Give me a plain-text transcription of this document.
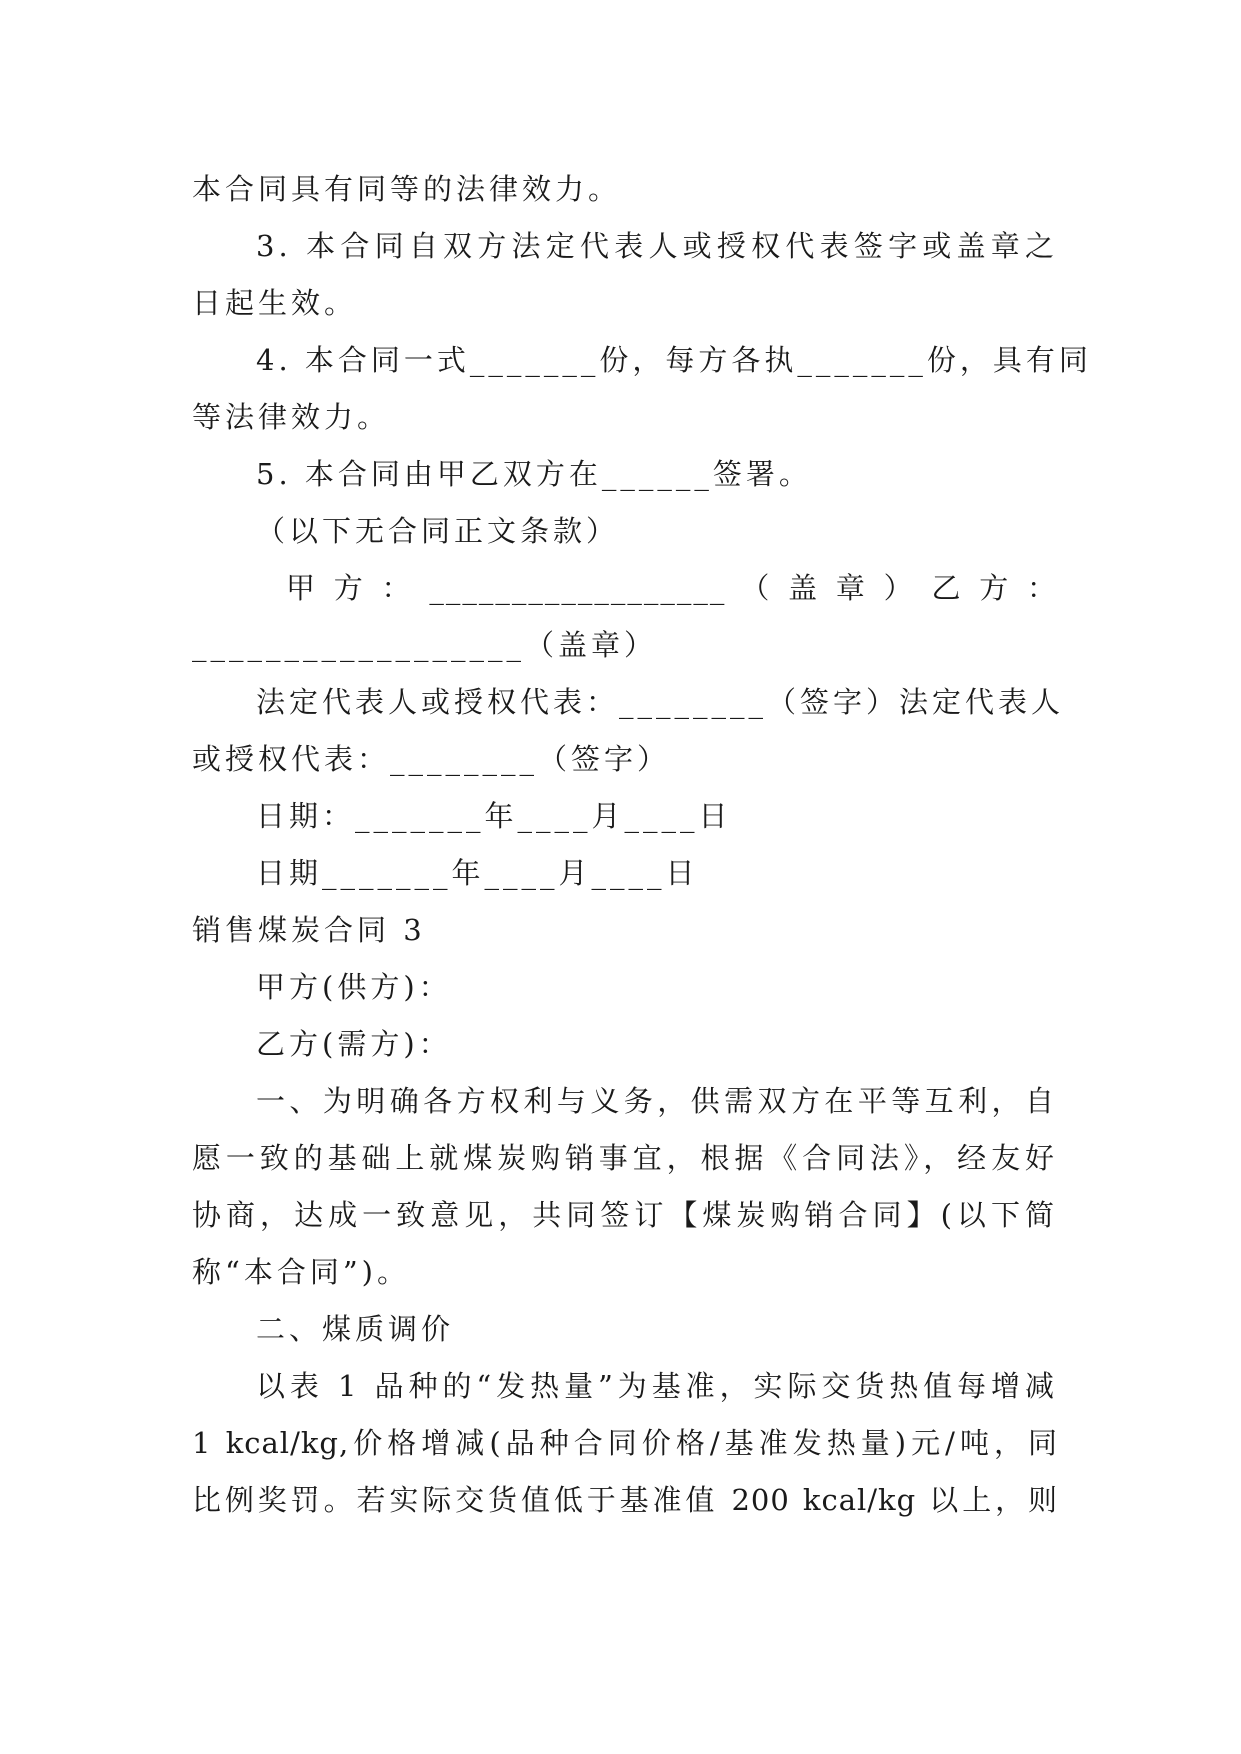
本合同具有同等的法律效力。
3. 本合同自双方法定代表人或授权代表签字或盖章之
日起生效。
4. 本合同一式_______份，每方各执_______份，具有同
等法律效力。
5. 本合同由甲乙双方在______签署。
（以下无合同正文条款）
甲 方 ： __________________ （ 盖 章 ） 乙 方 ：
__________________（盖章）
法定代表人或授权代表：________（签字）法定代表人
或授权代表：________（签字）
日期：_______年____月____日
日期_______年____月____日
销售煤炭合同 3
甲方(供方)：
乙方(需方)：
一、为明确各方权利与义务，供需双方在平等互利，自
愿一致的基础上就煤炭购销事宜，根据《合同法》，经友好
协商，达成一致意见，共同签订【煤炭购销合同】(以下简
称“本合同”)。
二、煤质调价
以表 1 品种的“发热量”为基准，实际交货热值每增减
1 kcal/kg,价格增减(品种合同价格/基准发热量)元/吨，同
比例奖罚。若实际交货值低于基准值 200 kcal/kg 以上，则
